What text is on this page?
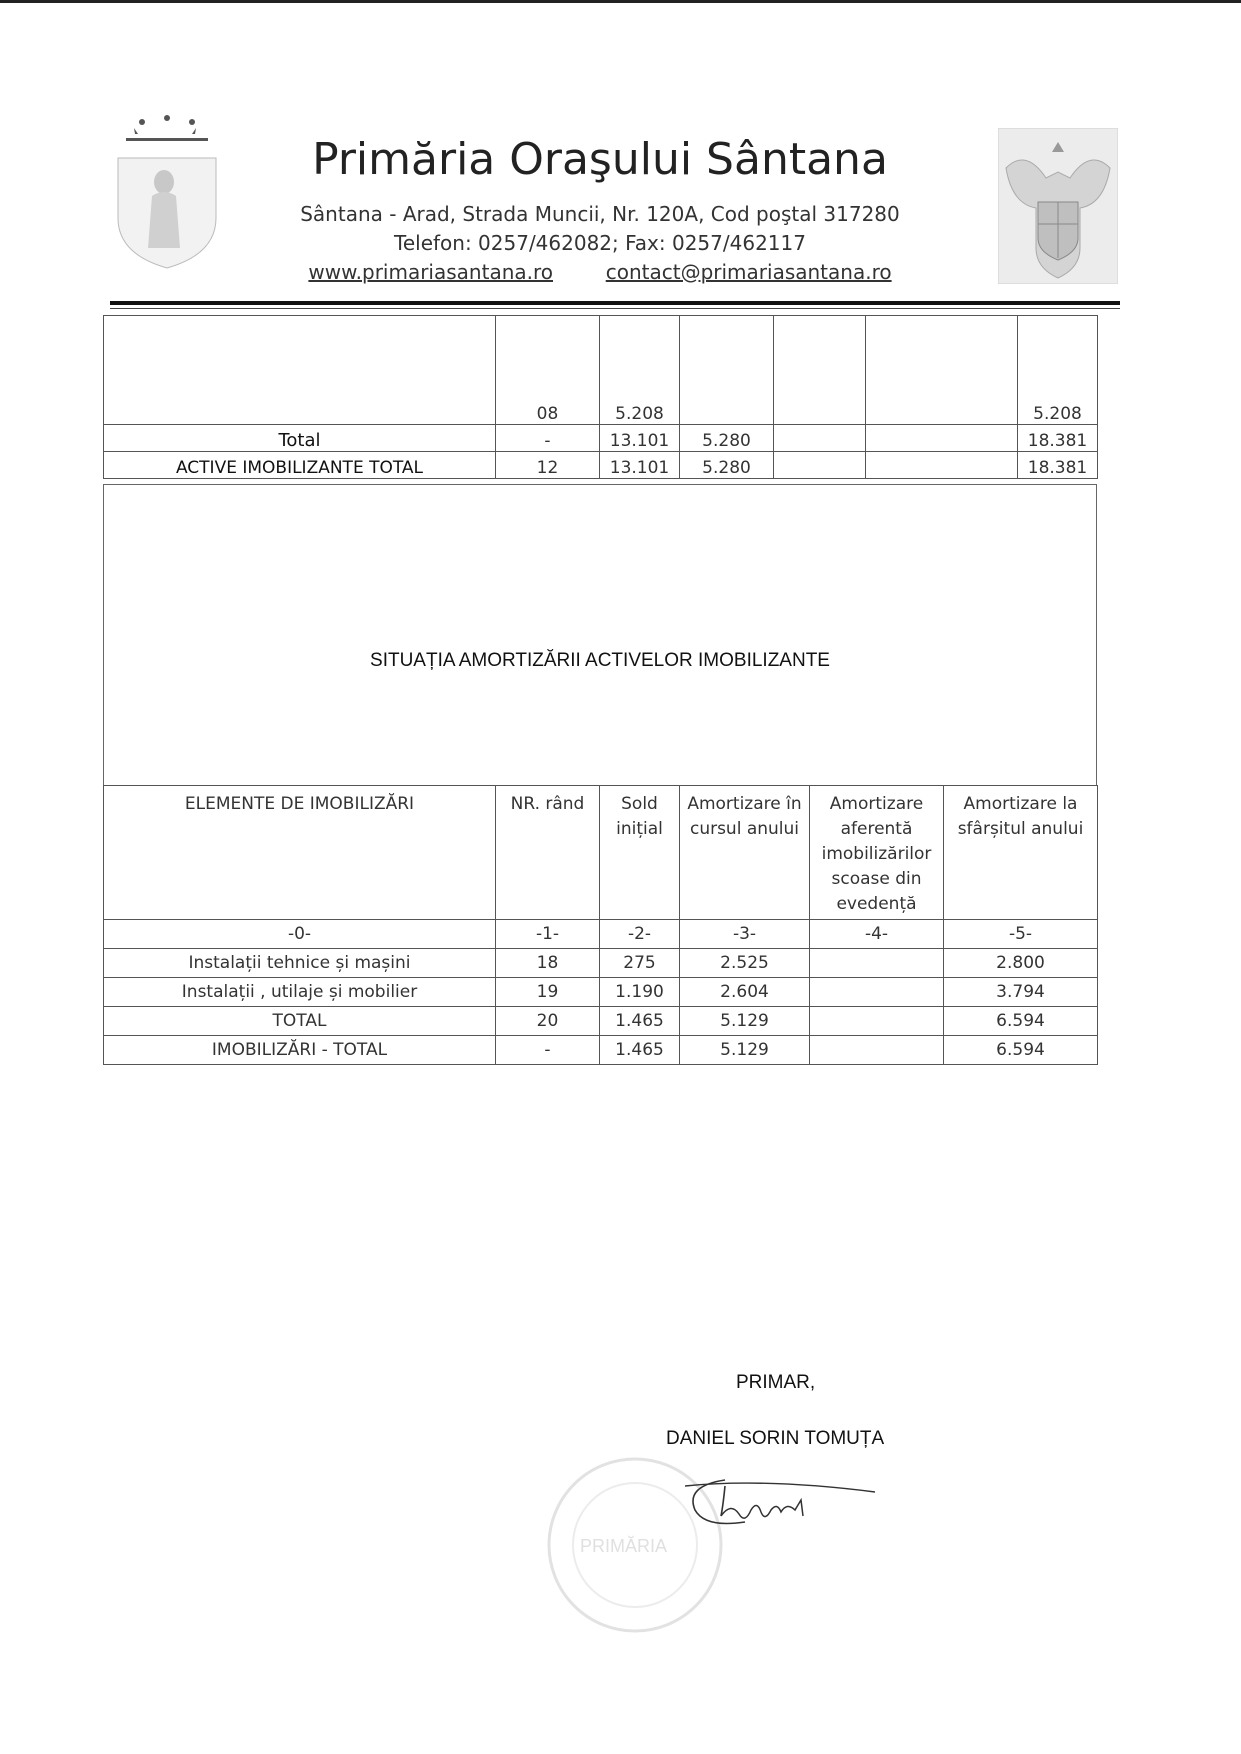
Primăria Oraşului Sântana
Sântana - Arad, Strada Muncii, Nr. 120A, Cod poştal 317280
Telefon: 0257/462082; Fax: 0257/462117
www.primariasantana.ro	contact@primariasantana.ro
	08	5.208				5.208
Total	-	13.101	5.280			18.381
ACTIVE IMOBILIZANTE TOTAL	12	13.101	5.280			18.381
SITUAȚIA AMORTIZĂRII ACTIVELOR IMOBILIZANTE
ELEMENTE DE IMOBILIZĂRI	NR. rând	Sold inițial	Amortizare în cursul anului	Amortizare aferentă imobilizărilor scoase din evedență	Amortizare la sfârșitul anului
-0-	-1-	-2-	-3-	-4-	-5-
Instalații tehnice și mașini	18	275	2.525		2.800
Instalații , utilaje și mobilier	19	1.190	2.604		3.794
TOTAL	20	1.465	5.129		6.594
IMOBILIZĂRI - TOTAL	-	1.465	5.129		6.594
PRIMAR,
DANIEL SORIN TOMUȚA
PRIMĂRIA
